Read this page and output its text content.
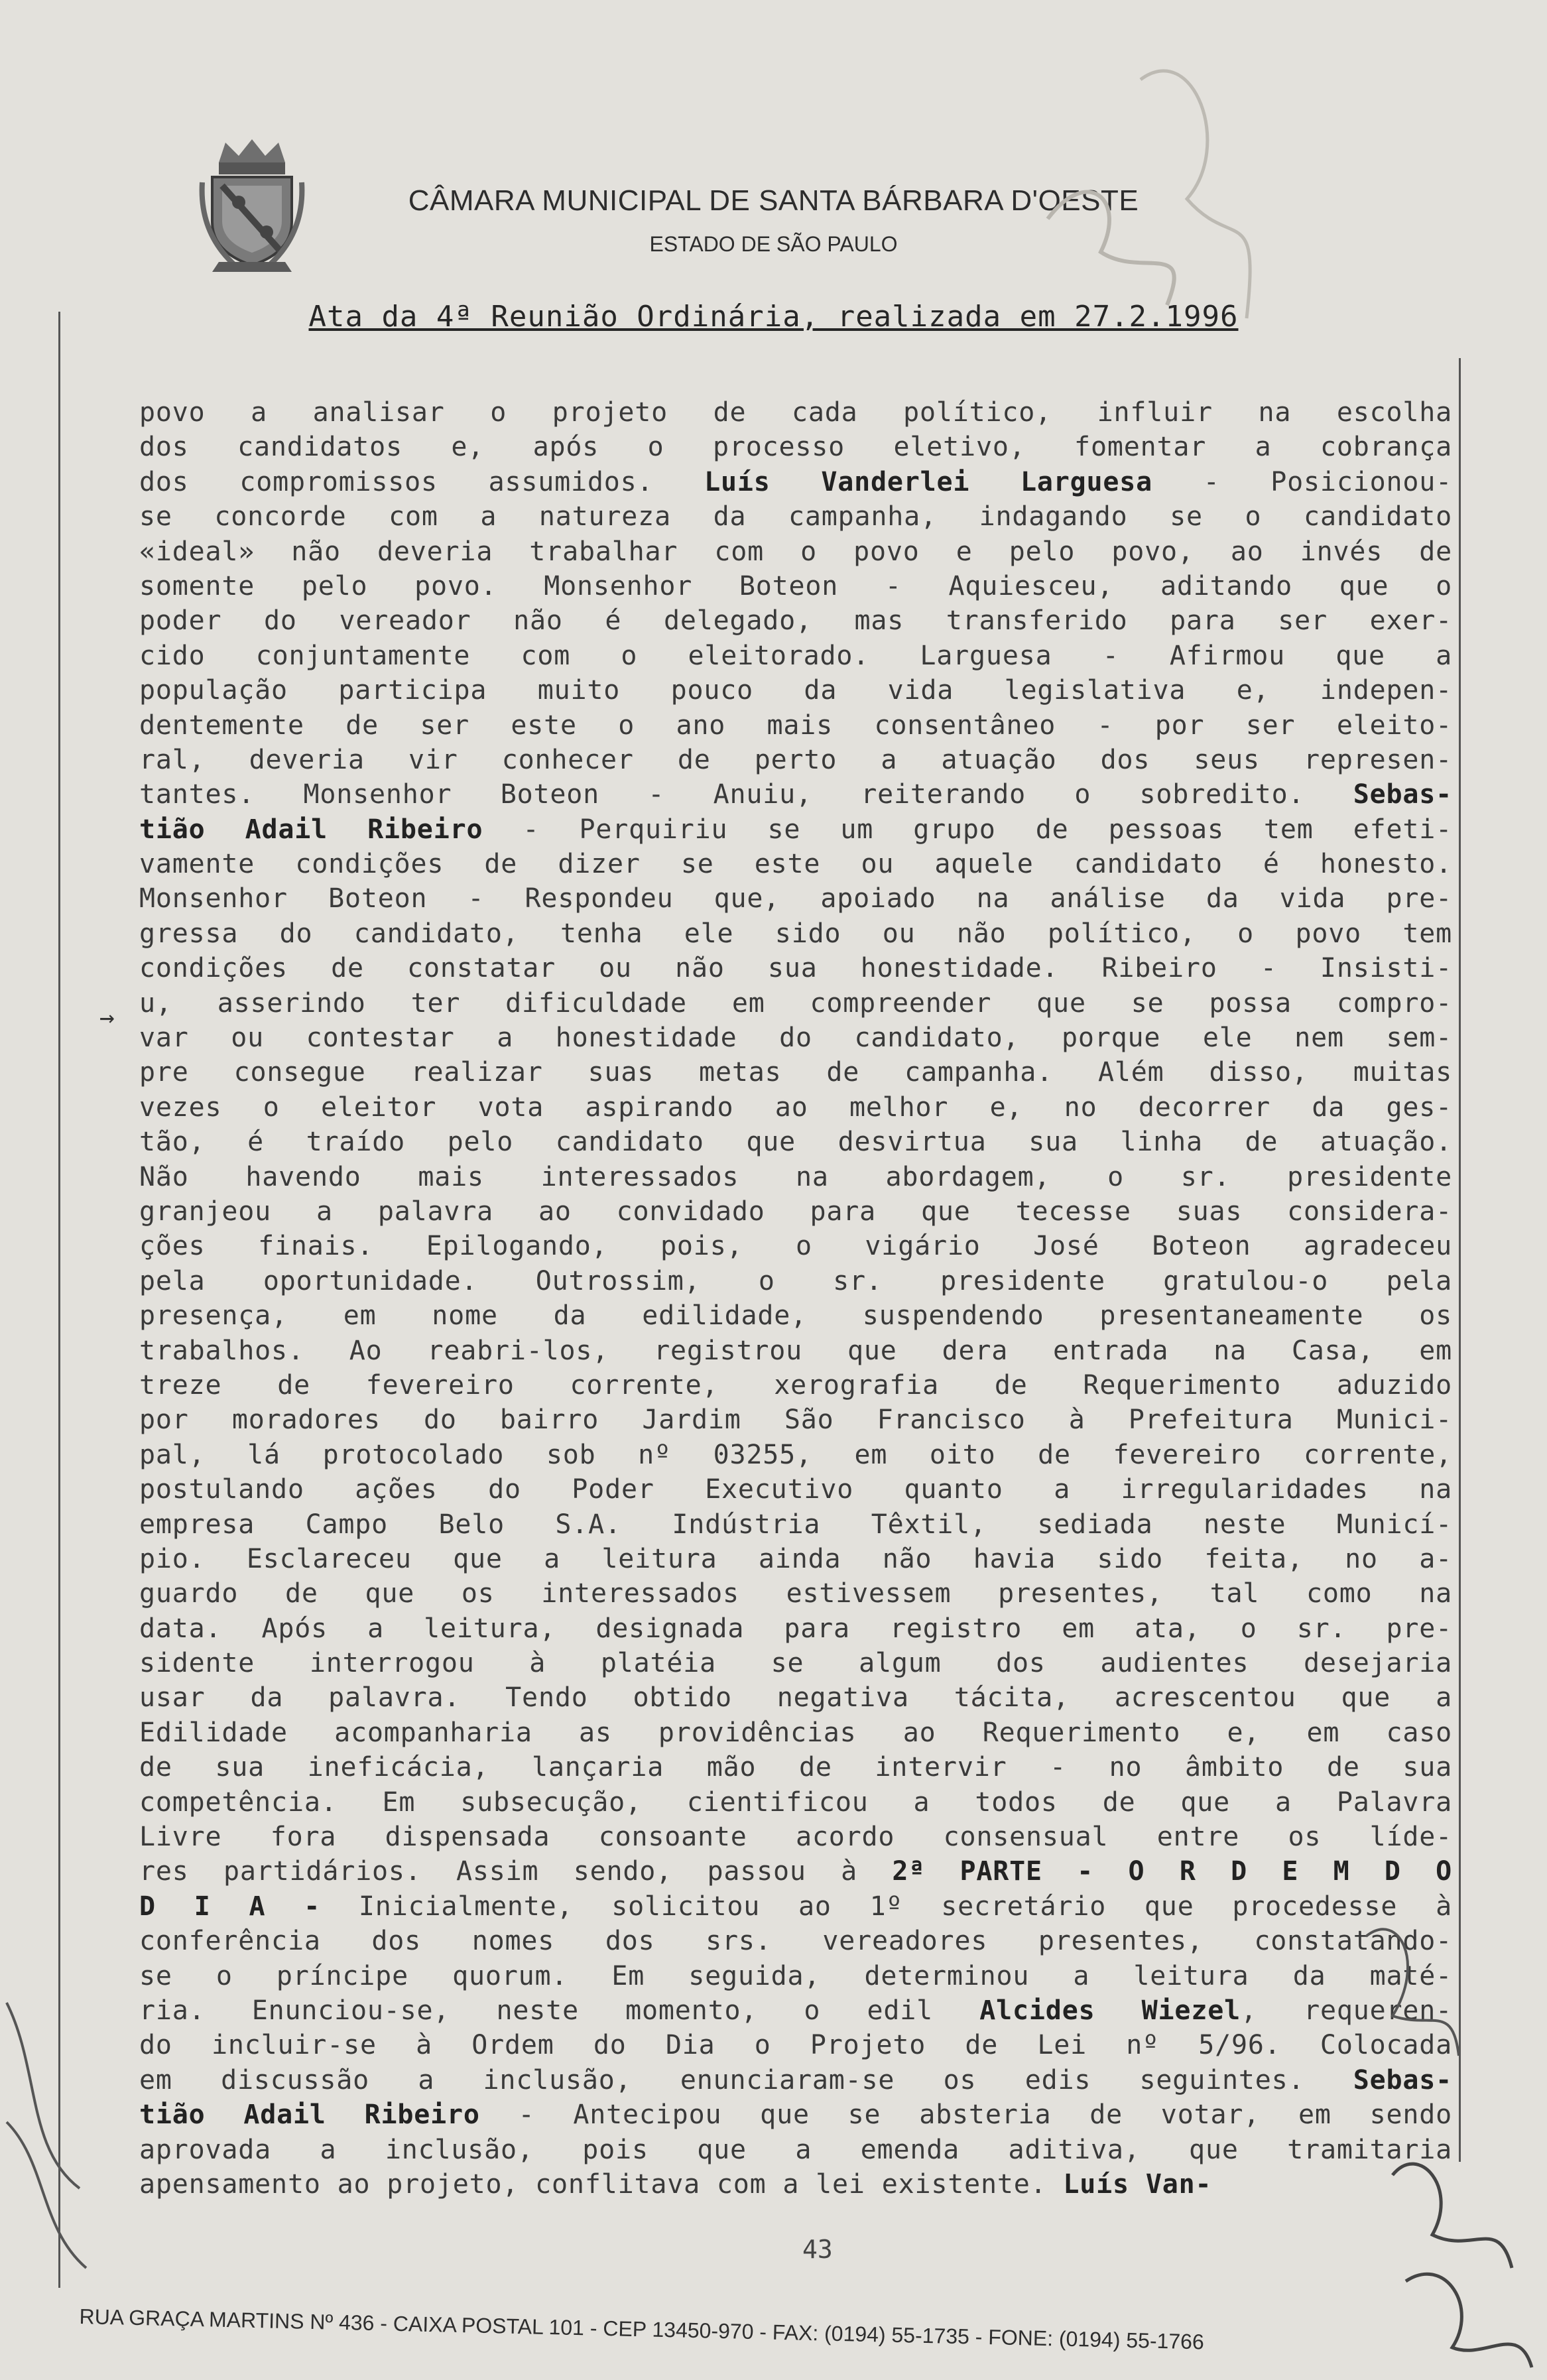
CÂMARA MUNICIPAL DE SANTA BÁRBARA D'OESTE
ESTADO DE SÃO PAULO
Ata da 4ª Reunião Ordinária, realizada em 27.2.1996
povo a analisar o projeto de cada político, influir na escolha
dos candidatos e, após o processo eletivo, fomentar a cobrança
dos compromissos assumidos. Luís Vanderlei Larguesa - Posicionou-
se concorde com a natureza da campanha, indagando se o candidato
«ideal» não deveria trabalhar com o povo e pelo povo, ao invés de
somente pelo povo. Monsenhor Boteon - Aquiesceu, aditando que o
poder do vereador não é delegado, mas transferido para ser exer-
cido conjuntamente com o eleitorado. Larguesa - Afirmou que a
população participa muito pouco da vida legislativa e, indepen-
dentemente de ser este o ano mais consentâneo - por ser eleito-
ral, deveria vir conhecer de perto a atuação dos seus represen-
tantes. Monsenhor Boteon - Anuiu, reiterando o sobredito. Sebas-
tião Adail Ribeiro - Perquiriu se um grupo de pessoas tem efeti-
vamente condições de dizer se este ou aquele candidato é honesto.
Monsenhor Boteon - Respondeu que, apoiado na análise da vida pre-
gressa do candidato, tenha ele sido ou não político, o povo tem
condições de constatar ou não sua honestidade. Ribeiro - Insisti-
u, asserindo ter dificuldade em compreender que se possa compro-
var ou contestar a honestidade do candidato, porque ele nem sem-
pre consegue realizar suas metas de campanha. Além disso, muitas
vezes o eleitor vota aspirando ao melhor e, no decorrer da ges-
tão, é traído pelo candidato que desvirtua sua linha de atuação.
Não havendo mais interessados na abordagem, o sr. presidente
granjeou a palavra ao convidado para que tecesse suas considera-
ções finais. Epilogando, pois, o vigário José Boteon agradeceu
pela oportunidade. Outrossim, o sr. presidente gratulou-o pela
presença, em nome da edilidade, suspendendo presentaneamente os
trabalhos. Ao reabri-los, registrou que dera entrada na Casa, em
treze de fevereiro corrente, xerografia de Requerimento aduzido
por moradores do bairro Jardim São Francisco à Prefeitura Munici-
pal, lá protocolado sob nº 03255, em oito de fevereiro corrente,
postulando ações do Poder Executivo quanto a irregularidades na
empresa Campo Belo S.A. Indústria Têxtil, sediada neste Municí-
pio. Esclareceu que a leitura ainda não havia sido feita, no a-
guardo de que os interessados estivessem presentes, tal como na
data. Após a leitura, designada para registro em ata, o sr. pre-
sidente interrogou à platéia se algum dos audientes desejaria
usar da palavra. Tendo obtido negativa tácita, acrescentou que a
Edilidade acompanharia as providências ao Requerimento e, em caso
de sua ineficácia, lançaria mão de intervir - no âmbito de sua
competência. Em subsecução, cientificou a todos de que a Palavra
Livre fora dispensada consoante acordo consensual entre os líde-
res partidários. Assim sendo, passou à 2ª PARTE - O R D E M D O
D I A - Inicialmente, solicitou ao 1º secretário que procedesse à
conferência dos nomes dos srs. vereadores presentes, constatando-
se o príncipe quorum. Em seguida, determinou a leitura da maté-
ria. Enunciou-se, neste momento, o edil Alcides Wiezel, requeren-
do incluir-se à Ordem do Dia o Projeto de Lei nº 5/96. Colocada
em discussão a inclusão, enunciaram-se os edis seguintes. Sebas-
tião Adail Ribeiro - Antecipou que se absteria de votar, em sendo
aprovada a inclusão, pois que a emenda aditiva, que tramitaria
apensamento ao projeto, conflitava com a lei existente. Luís Van-
→
43
RUA GRAÇA MARTINS Nº 436 - CAIXA POSTAL 101 - CEP 13450-970 - FAX: (0194) 55-1735 - FONE: (0194) 55-1766
